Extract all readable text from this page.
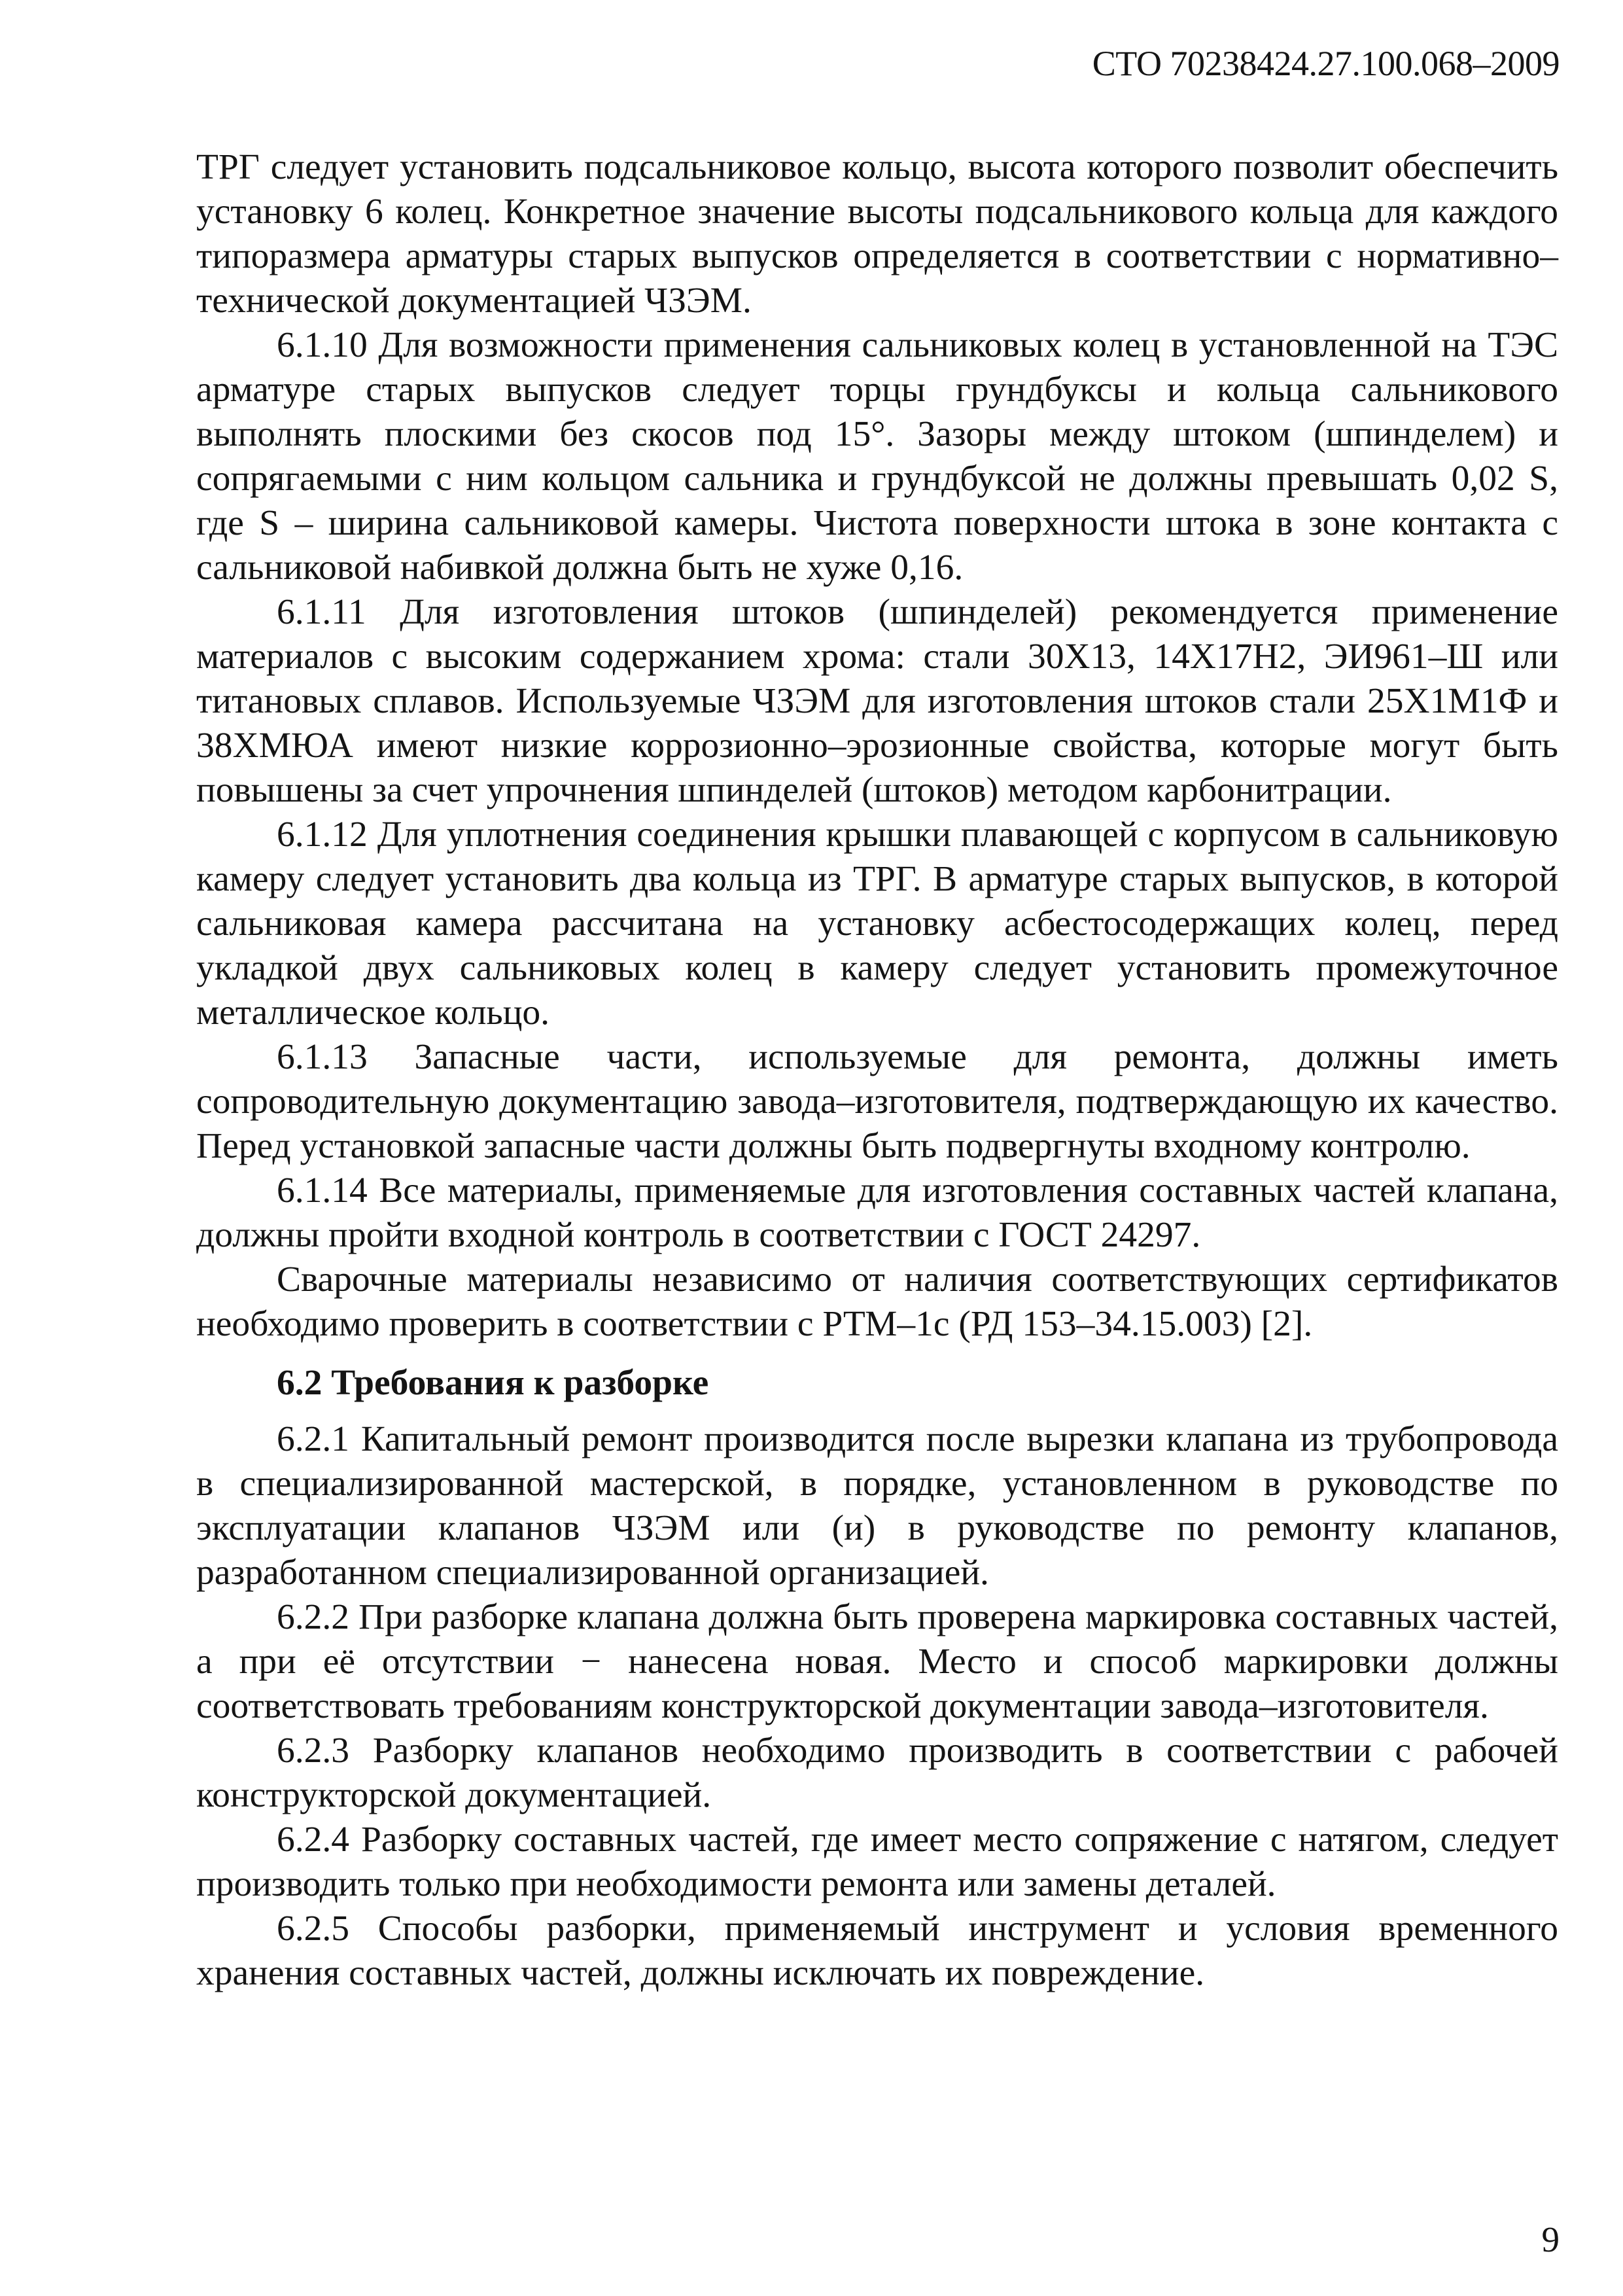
СТО 70238424.27.100.068–2009

ТРГ следует установить подсальниковое кольцо, высота которого позволит обеспечить установку 6 колец. Конкретное значение высоты подсальникового кольца для каждого типоразмера арматуры старых выпусков определяется в соответствии с нормативно–технической документацией ЧЗЭМ.

6.1.10 Для возможности применения сальниковых колец в установленной на ТЭС арматуре старых выпусков следует торцы грундбуксы и кольца сальникового выполнять плоскими без скосов под 15°. Зазоры между штоком (шпинделем) и сопрягаемыми с ним кольцом сальника и грундбуксой не должны превышать 0,02 S, где S – ширина сальниковой камеры. Чистота поверхности штока в зоне контакта с сальниковой набивкой должна быть не хуже 0,16.

6.1.11 Для изготовления штоков (шпинделей) рекомендуется применение материалов с высоким содержанием хрома: стали 30Х13, 14Х17Н2, ЭИ961–Ш или титановых сплавов. Используемые ЧЗЭМ для изготовления штоков стали 25Х1М1Ф и 38ХМЮА имеют низкие коррозионно–эрозионные свойства, которые могут быть повышены за счет упрочнения шпинделей (штоков) методом карбонитрации.

6.1.12 Для уплотнения соединения крышки плавающей с корпусом в сальниковую камеру следует установить два кольца из ТРГ. В арматуре старых выпусков, в которой сальниковая камера рассчитана на установку асбестосодержащих колец, перед укладкой двух сальниковых колец в камеру следует установить промежуточное металлическое кольцо.

6.1.13 Запасные части, используемые для ремонта, должны иметь сопроводительную документацию завода–изготовителя, подтверждающую их качество. Перед установкой запасные части должны быть подвергнуты входному контролю.

6.1.14 Все материалы, применяемые для изготовления составных частей клапана, должны пройти входной контроль в соответствии с ГОСТ 24297.

Сварочные материалы независимо от наличия соответствующих сертификатов необходимо проверить в соответствии с РТМ–1с (РД 153–34.15.003) [2].

6.2 Требования к разборке

6.2.1 Капитальный ремонт производится после вырезки клапана из трубопровода в специализированной мастерской, в порядке, установленном в руководстве по эксплуатации клапанов ЧЗЭМ или (и) в руководстве по ремонту клапанов, разработанном специализированной организацией.

6.2.2 При разборке клапана должна быть проверена маркировка составных частей, а при её отсутствии − нанесена новая. Место и способ маркировки должны соответствовать требованиям конструкторской документации завода–изготовителя.

6.2.3 Разборку клапанов необходимо производить в соответствии с рабочей конструкторской документацией.

6.2.4 Разборку составных частей, где имеет место сопряжение с натягом, следует производить только при необходимости ремонта или замены деталей.

6.2.5 Способы разборки, применяемый инструмент и условия временного хранения составных частей, должны исключать их повреждение.

9
